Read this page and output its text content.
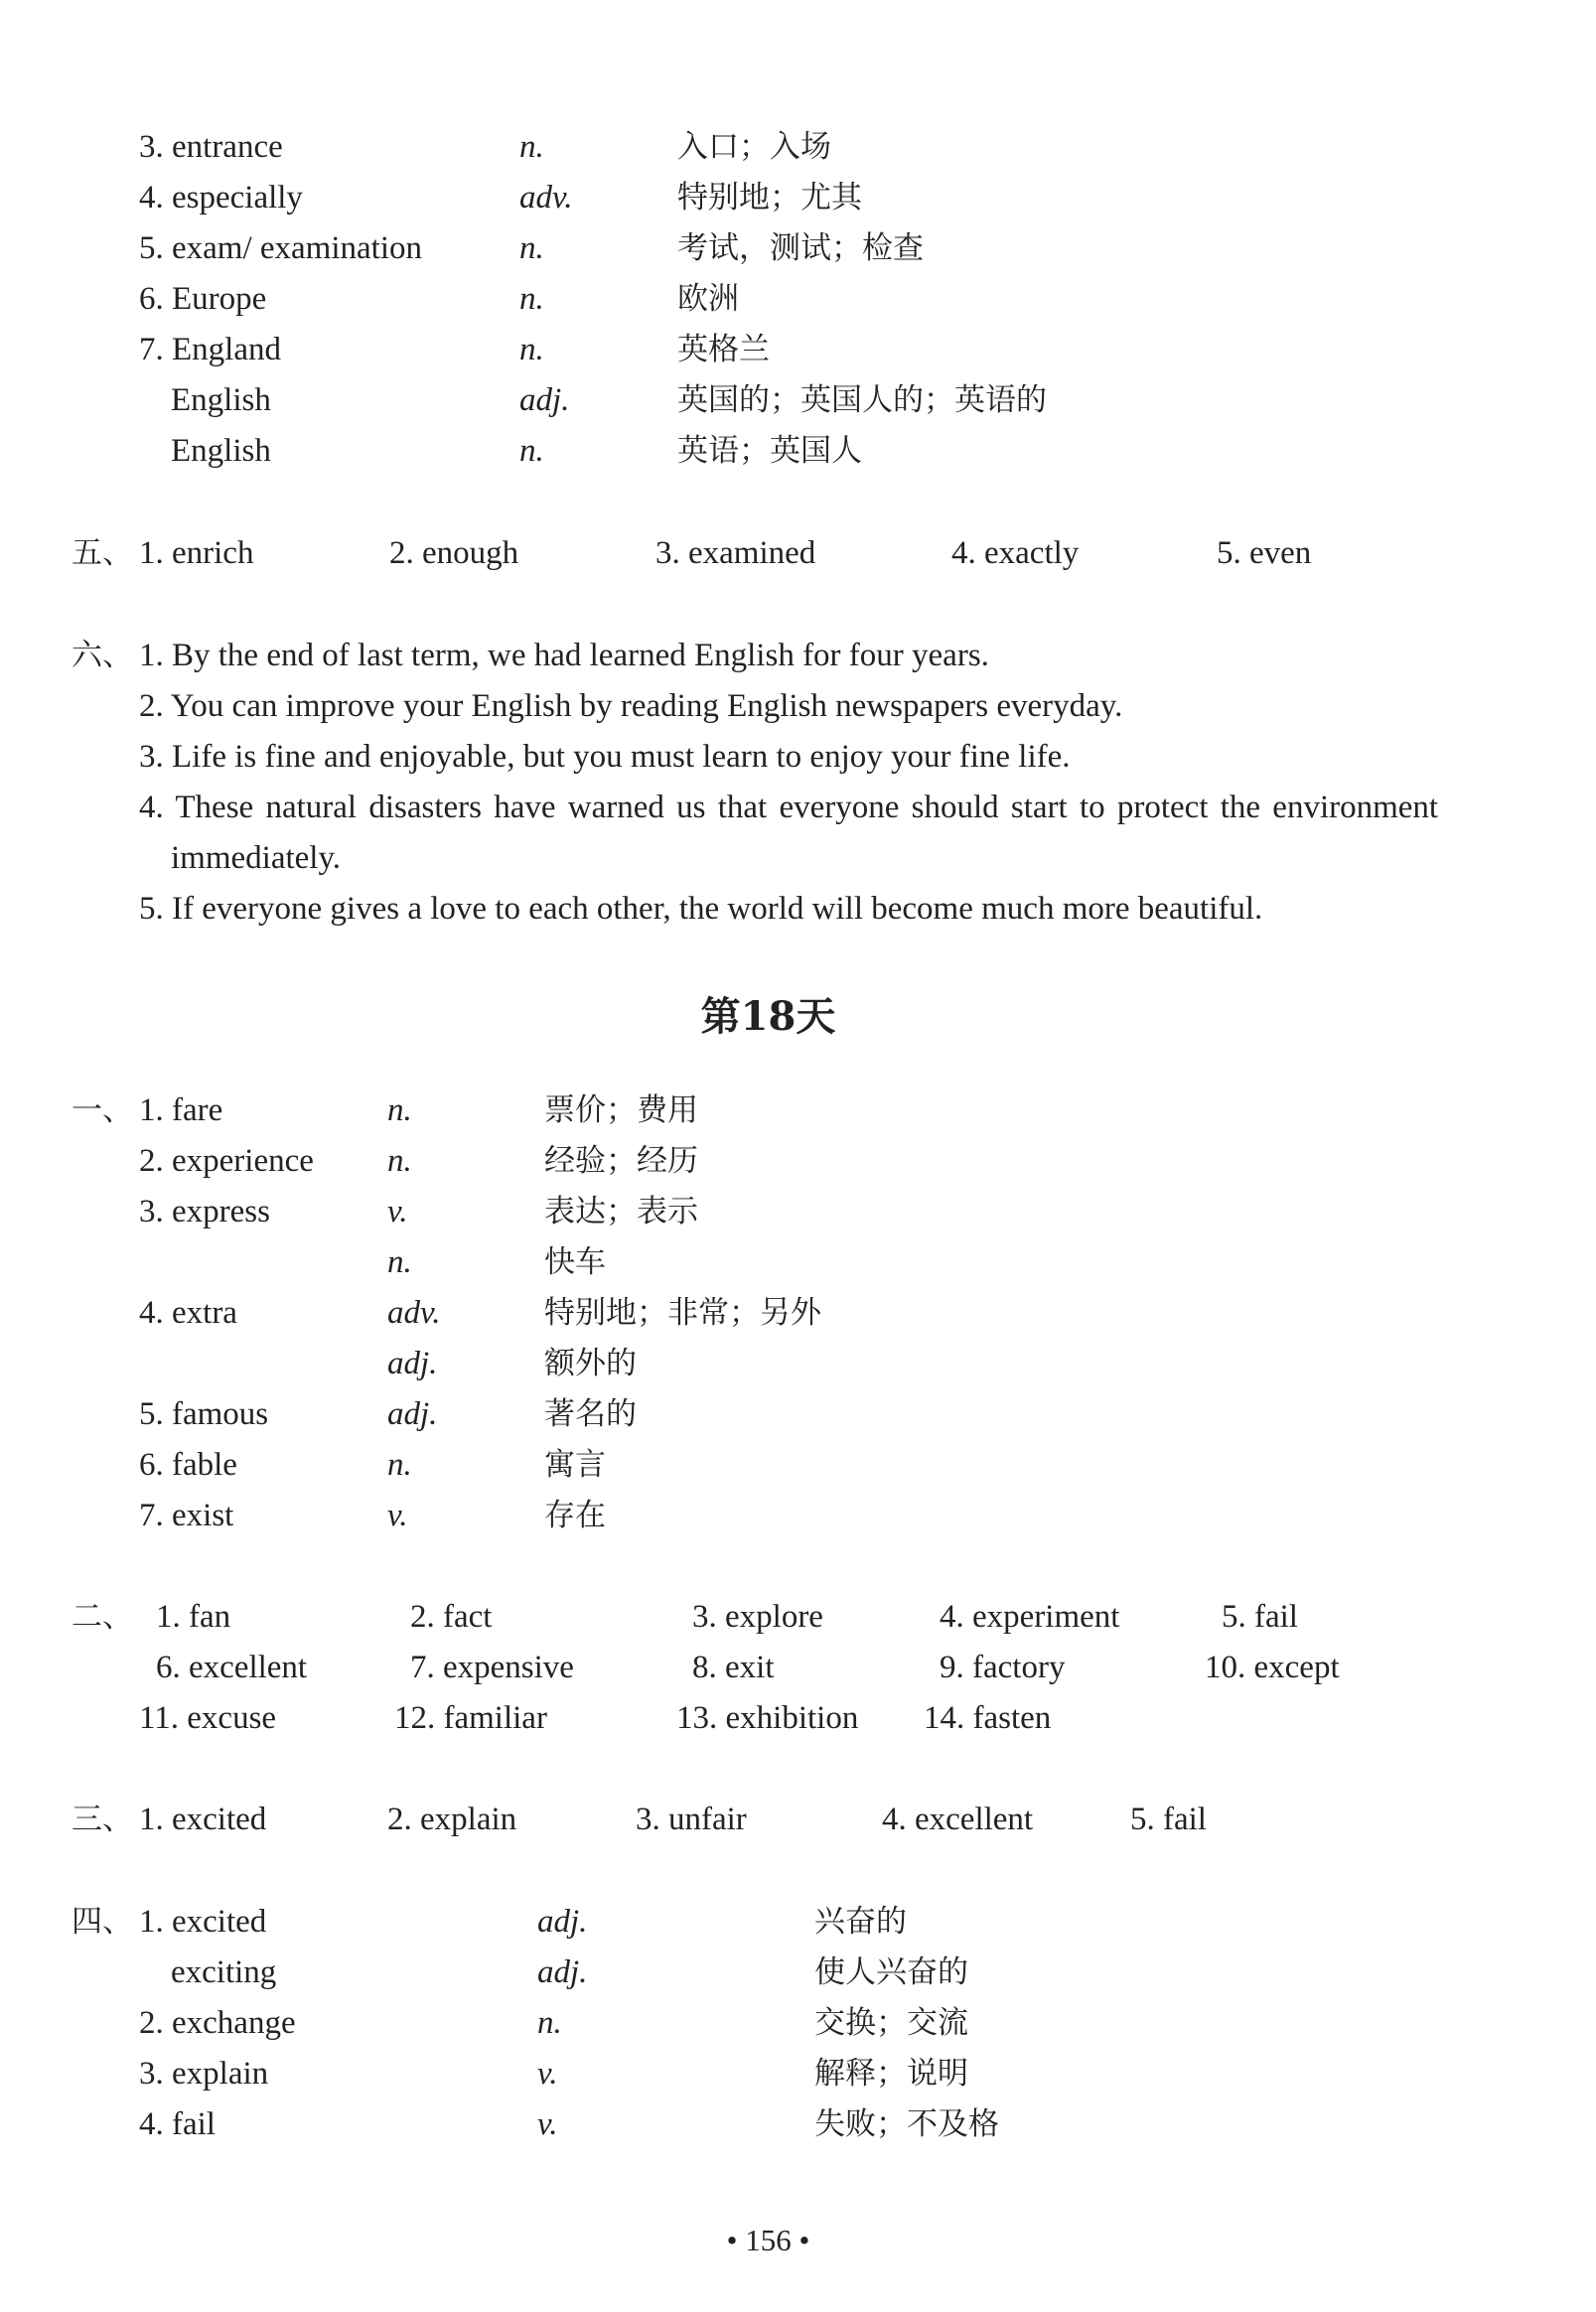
3. entrance	n.	入口；入场
4. especially	adv.	特别地；尤其
5. exam/ examination	n.	考试，测试；检查
6. Europe	n.	欧洲
7. England	n.	英格兰
English	adj.	英国的；英国人的；英语的
English	n.	英语；英国人
五、 1. enrich	2. enough	3. examined	4. exactly	5. even
六、 1. By the end of last term, we had learned English for four years.
2. You can improve your English by reading English newspapers everyday.
3. Life is fine and enjoyable, but you must learn to enjoy your fine life.
4. These natural disasters have warned us that everyone should start to protect the environment
immediately.
5. If everyone gives a love to each other, the world will become much more beautiful.
第18天
一、 1. fare	n.	票价；费用
2. experience n.	经验；经历
3. express	v.	表达；表示
n.	快车
4. extra	adv.	特别地；非常；另外
adj.	额外的
5. famous	adj.	著名的
6. fable	n.	寓言
7. exist	v.	存在
二、 1. fan	2. fact	3. explore	4. experiment	5. fail
6. excellent	7. expensive	8. exit	9. factory	10. except
11. excuse	12. familiar	13. exhibition 14. fasten
三、 1. excited	2. explain	3. unfair	4. excellent	5. fail
四、 1. excited	adj.	兴奋的
exciting	adj.	使人兴奋的
2. exchange	n.	交换；交流
3. explain	v.	解释；说明
4. fail	v.	失败；不及格
• 156 •
